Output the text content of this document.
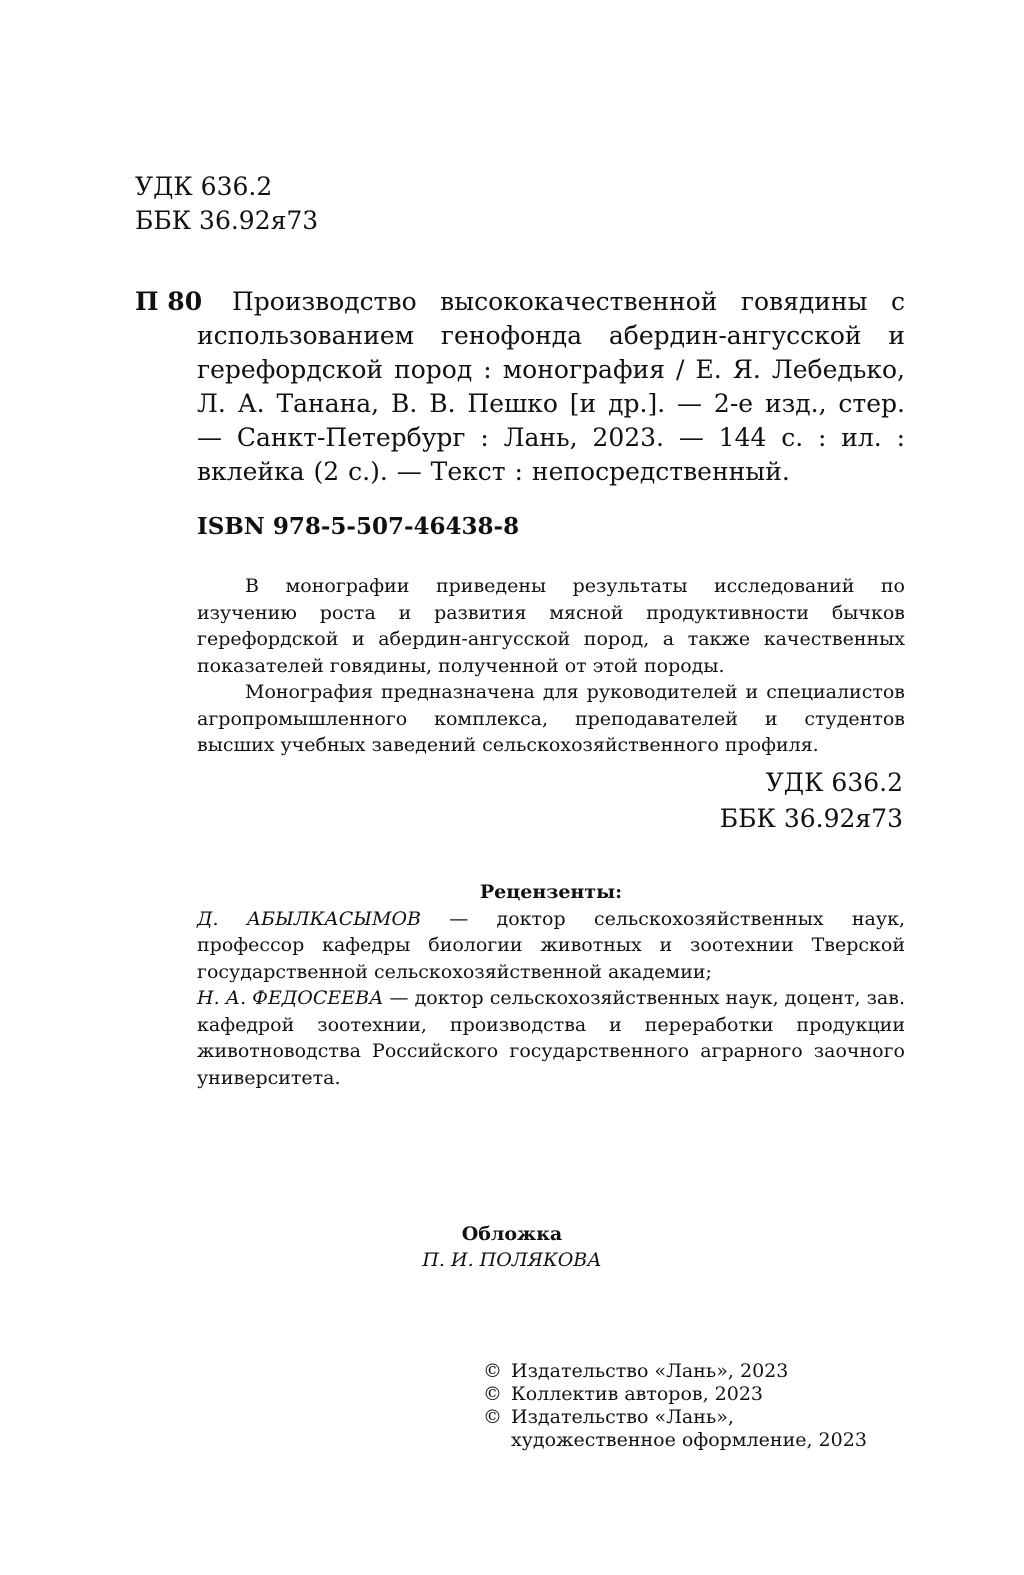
УДК 636.2
ББК 36.92я73
П 80	Производство высококачественной говядины с использованием генофонда абердин-ангусской и герефордской пород : монография / Е. Я. Лебедько, Л. А. Танана, В. В. Пешко [и др.]. — 2-е изд., стер. — Санкт-Петербург : Лань, 2023. — 144 с. : ил. : вклейка (2 с.). — Текст : непосредственный.
ISBN 978-5-507-46438-8

В монографии приведены результаты исследований по изучению роста и развития мясной продуктивности бычков герефордской и абердин-ангусской пород, а также качественных показателей говядины, полученной от этой породы.

Монография предназначена для руководителей и специалистов агропромышленного комплекса, преподавателей и студентов высших учебных заведений сельскохозяйственного профиля.

УДК 636.2
ББК 36.92я73
Рецензенты:

Д. АБЫЛКАСЫМОВ — доктор сельскохозяйственных наук, профессор кафедры биологии животных и зоотехнии Тверской государственной сельскохозяйственной академии;

Н. А. ФЕДОСЕЕВА — доктор сельскохозяйственных наук, доцент, зав. кафедрой зоотехнии, производства и переработки продукции животноводства Российского государственного аграрного заочного университета.

Обложка
П. И. ПОЛЯКОВА
© Издательство «Лань», 2023
© Коллектив авторов, 2023
© Издательство «Лань»,
художественное оформление, 2023
